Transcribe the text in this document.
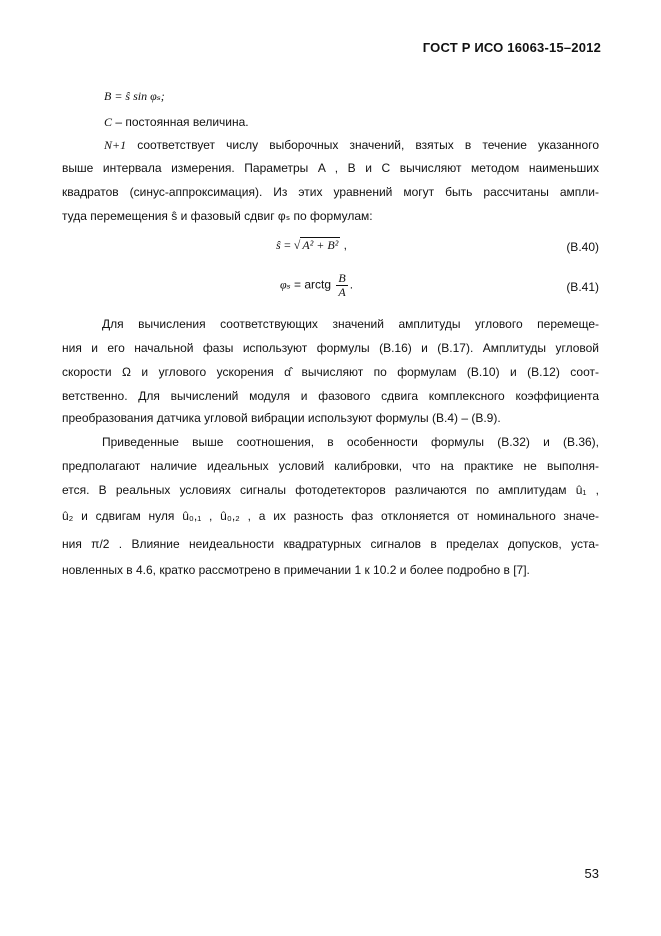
ГОСТ Р ИСО 16063-15–2012
B = ŝ sin φₛ;
C – постоянная величина.
N+1 соответствует числу выборочных значений, взятых в течение указанного
выше интервала измерения. Параметры A , B и C вычисляют методом наименьших
квадратов (синус-аппроксимация). Из этих уравнений могут быть рассчитаны ампли-
туда перемещения ŝ и фазовый сдвиг φₛ по формулам:
ŝ = √ A² + B² ,	(B.40)
φₛ = arctg $\frac{B}{A}$ .	(B.41)
Для вычисления соответствующих значений амплитуды углового перемеще-
ния и его начальной фазы используют формулы (B.16) и (B.17). Амплитуды угловой
скорости Ω и углового ускорения α̂ вычисляют по формулам (B.10) и (B.12) соот-
ветственно. Для вычислений модуля и фазового сдвига комплексного коэффициента
преобразования датчика угловой вибрации используют формулы (B.4) – (B.9).
Приведенные выше соотношения, в особенности формулы (B.32) и (B.36),
предполагают наличие идеальных условий калибровки, что на практике не выполня-
ется. В реальных условиях сигналы фотодетекторов различаются по амплитудам û₁ ,
û₂ и сдвигам нуля û₀,₁ , û₀,₂ , а их разность фаз отклоняется от номинального значе-
ния π/2 . Влияние неидеальности квадратурных сигналов в пределах допусков, уста-
новленных в 4.6, кратко рассмотрено в примечании 1 к 10.2 и более подробно в [7].
53
